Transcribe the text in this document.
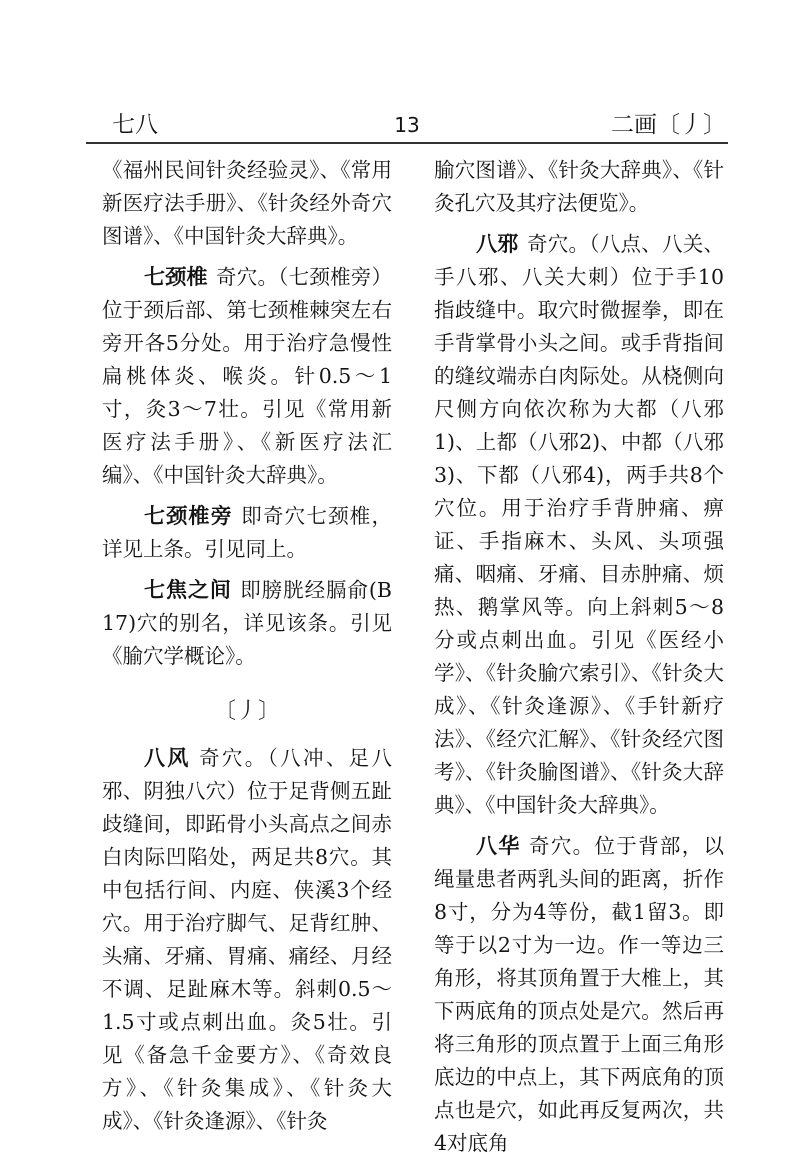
七八	13	二画〔丿〕

《福州民间针灸经验灵》、《常用新医疗法手册》、《针灸经外奇穴图谱》、《中国针灸大辞典》。

七颈椎 奇穴。（七颈椎旁）位于颈后部、第七颈椎棘突左右旁开各5分处。用于治疗急慢性扁桃体炎、喉炎。针0.5～1寸，灸3～7壮。引见《常用新医疗法手册》、《新医疗法汇编》、《中国针灸大辞典》。

七颈椎旁 即奇穴七颈椎，详见上条。引见同上。

七焦之间 即膀胱经膈俞(B17)穴的别名，详见该条。引见《腧穴学概论》。

〔丿〕

八风 奇穴。（八冲、足八邪、阴独八穴）位于足背侧五趾歧缝间，即跖骨小头高点之间赤白肉际凹陷处，两足共8穴。其中包括行间、内庭、侠溪3个经穴。用于治疗脚气、足背红肿、头痛、牙痛、胃痛、痛经、月经不调、足趾麻木等。斜刺0.5～1.5寸或点刺出血。灸5壮。引见《备急千金要方》、《奇效良方》、《针灸集成》、《针灸大成》、《针灸逢源》、《针灸

腧穴图谱》、《针灸大辞典》、《针灸孔穴及其疗法便览》。

八邪 奇穴。（八点、八关、手八邪、八关大刺）位于手10指歧缝中。取穴时微握拳，即在手背掌骨小头之间。或手背指间的缝纹端赤白肉际处。从桡侧向尺侧方向依次称为大都（八邪1)、上都（八邪2)、中都（八邪3)、下都（八邪4)，两手共8个穴位。用于治疗手背肿痛、痹证、手指麻木、头风、头项强痛、咽痛、牙痛、目赤肿痛、烦热、鹅掌风等。向上斜刺5～8分或点刺出血。引见《医经小学》、《针灸腧穴索引》、《针灸大成》、《针灸逢源》、《手针新疗法》、《经穴汇解》、《针灸经穴图考》、《针灸腧图谱》、《针灸大辞典》、《中国针灸大辞典》。

八华 奇穴。位于背部，以绳量患者两乳头间的距离，折作8寸，分为4等份，截1留3。即等于以2寸为一边。作一等边三角形，将其顶角置于大椎上，其下两底角的顶点处是穴。然后再将三角形的顶点置于上面三角形底边的中点上，其下两底角的顶点也是穴，如此再反复两次，共4对底角
